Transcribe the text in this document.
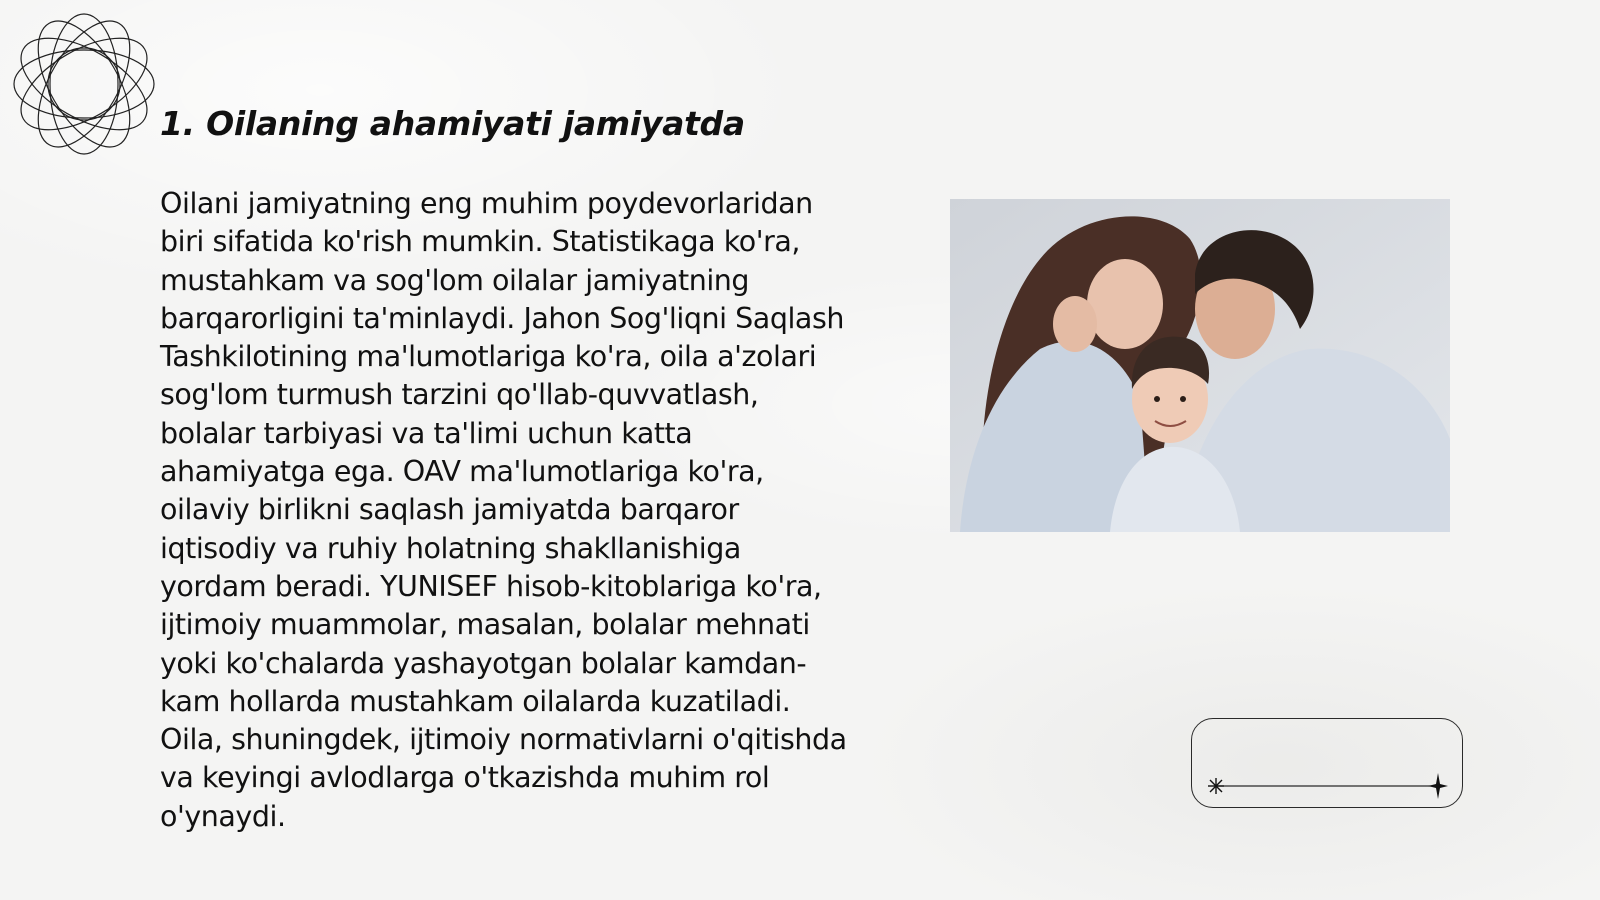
1. Oilaning ahamiyati jamiyatda

Oilani jamiyatning eng muhim poydevorlaridan biri sifatida ko'rish mumkin. Statistikaga ko'ra, mustahkam va sog'lom oilalar jamiyatning barqarorligini ta'minlaydi. Jahon Sog'liqni Saqlash Tashkilotining ma'lumotlariga ko'ra, oila a'zolari sog'lom turmush tarzini qo'llab-quvvatlash, bolalar tarbiyasi va ta'limi uchun katta ahamiyatga ega. OAV ma'lumotlariga ko'ra, oilaviy birlikni saqlash jamiyatda barqaror iqtisodiy va ruhiy holatning shakllanishiga yordam beradi. YUNISEF hisob-kitoblariga ko'ra, ijtimoiy muammolar, masalan, bolalar mehnati yoki ko'chalarda yashayotgan bolalar kamdan-kam hollarda mustahkam oilalarda kuzatiladi. Oila, shuningdek, ijtimoiy normativlarni o'qitishda va keyingi avlodlarga o'tkazishda muhim rol o'ynaydi.
